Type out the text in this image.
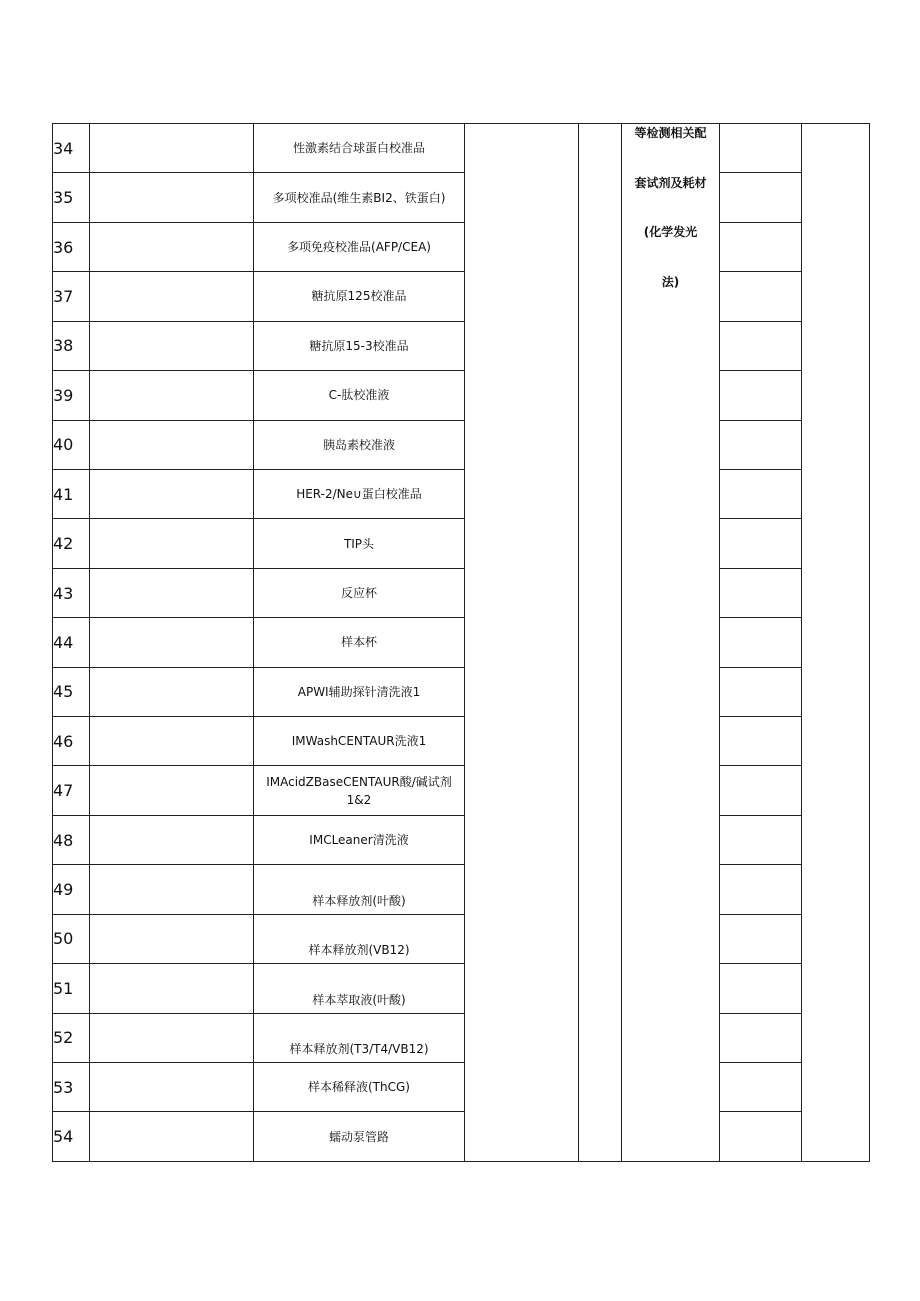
34		性激素结合球蛋白校准品			等检测相关配
套试剂及耗材
(化学发光
法)		

35		多项校准品(维生素BI2、铁蛋白)					
36		多项免疫校准品(AFP/CEA)					
37		糖抗原125校准品					
38		糖抗原15-3校准品					
39		C-肽校准液					
40		胰岛素校准液					
41		HER-2/Ne∪蛋白校准品					
42		TIP头					
43		反应杯					
44		样本杯					
45		APWI辅助探针清洗液1					
46		IMWashCENTAUR洗液1					
47		IMAcidZBaseCENTAUR酸/碱试剂1&2					
48		IMCLeaner清洗液					
49		样本释放剂(叶酸)					
50		样本释放剂(VB12)					
51		样本萃取液(叶酸)					
52		样本释放剂(T3/T4/VB12)					
53		样本稀释液(ThCG)					
54		蠕动泵管路					
